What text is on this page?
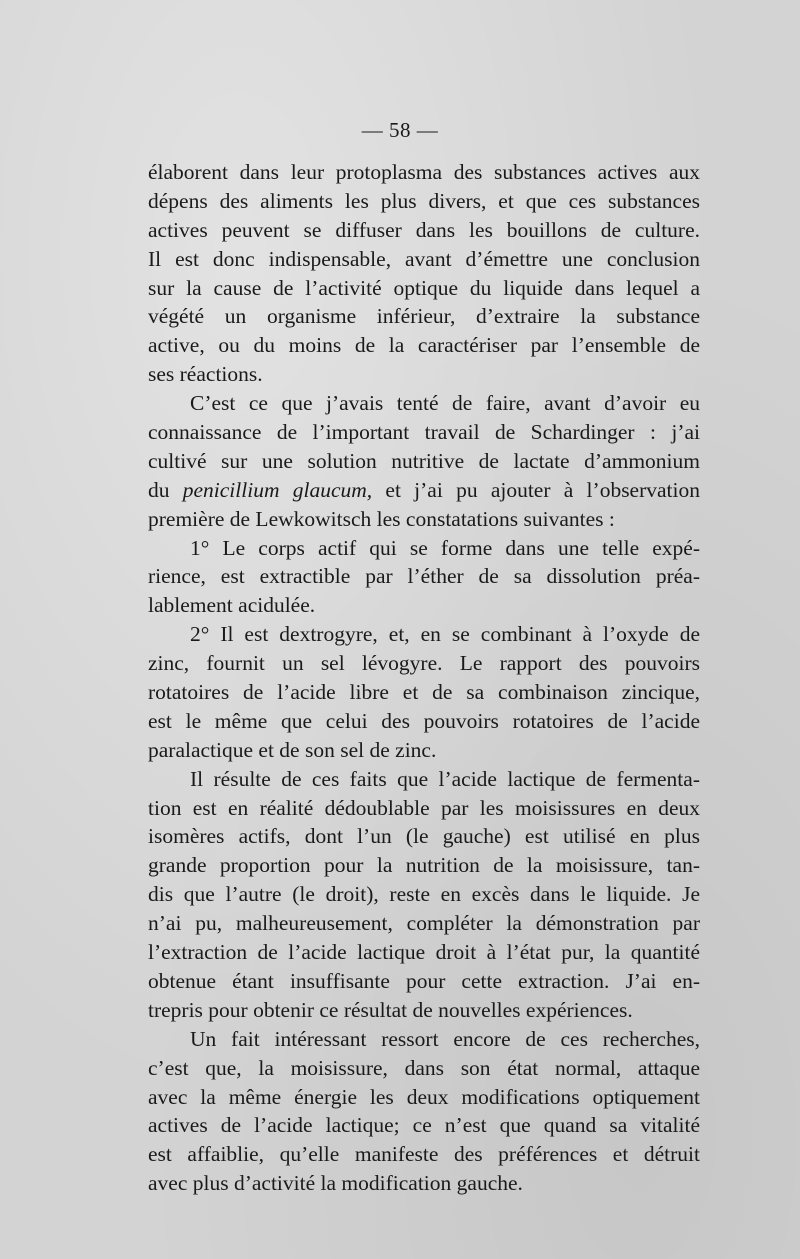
— 58 —
élaborent dans leur protoplasma des substances actives aux
dépens des aliments les plus divers, et que ces substances
actives peuvent se diffuser dans les bouillons de culture.
Il est donc indispensable, avant d’émettre une conclusion
sur la cause de l’activité optique du liquide dans lequel a
végété un organisme inférieur, d’extraire la substance
active, ou du moins de la caractériser par l’ensemble de
ses réactions.
C’est ce que j’avais tenté de faire, avant d’avoir eu
connaissance de l’important travail de Schardinger : j’ai
cultivé sur une solution nutritive de lactate d’ammonium
du penicillium glaucum, et j’ai pu ajouter à l’observation
première de Lewkowitsch les constatations suivantes :
1° Le corps actif qui se forme dans une telle expé-
rience, est extractible par l’éther de sa dissolution préa-
lablement acidulée.
2° Il est dextrogyre, et, en se combinant à l’oxyde de
zinc, fournit un sel lévogyre. Le rapport des pouvoirs
rotatoires de l’acide libre et de sa combinaison zincique,
est le même que celui des pouvoirs rotatoires de l’acide
paralactique et de son sel de zinc.
Il résulte de ces faits que l’acide lactique de fermenta-
tion est en réalité dédoublable par les moisissures en deux
isomères actifs, dont l’un (le gauche) est utilisé en plus
grande proportion pour la nutrition de la moisissure, tan-
dis que l’autre (le droit), reste en excès dans le liquide. Je
n’ai pu, malheureusement, compléter la démonstration par
l’extraction de l’acide lactique droit à l’état pur, la quantité
obtenue étant insuffisante pour cette extraction. J’ai en-
trepris pour obtenir ce résultat de nouvelles expériences.
Un fait intéressant ressort encore de ces recherches,
c’est que, la moisissure, dans son état normal, attaque
avec la même énergie les deux modifications optiquement
actives de l’acide lactique; ce n’est que quand sa vitalité
est affaiblie, qu’elle manifeste des préférences et détruit
avec plus d’activité la modification gauche.
